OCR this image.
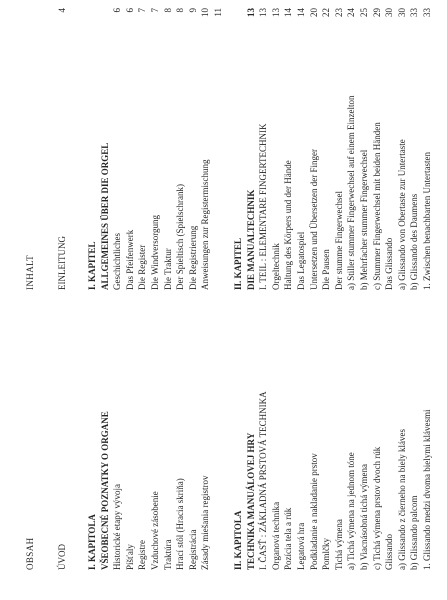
OBSAH
INHALT
ÚVOD
EINLEITUNG
4
I. KAPITOLA
I. KAPITEL
VŠEOBECNÉ POZNATKY O ORGANE
ALLGEMEINES ÜBER DIE ORGEL
Historické etapy vývoja
Geschichtliches
6
Píšťaly
Das Pfeifenwerk
6
Registre
Die Register
7
Vzduchové zásobenie
Die Windversorgung
7
Traktúra
Die Traktur
8
Hrací stôl (Hracia skriňa)
Der Spieltisch (Spielschrank)
8
Registrácia
Die Registrierung
9
Zásady miešania registrov
Anweisungen zur Registermischung
10 11
II. KAPITOLA
II. KAPITEL
TECHNIKA MANUÁLOVEJ HRY
DIE MANUALTECHNIK
13
I. ČASŤ : ZÁKLADNÁ PRSTOVÁ TECHNIKA
I. TEIL : ELEMENTARE FINGERTECHNIK
13
Organová technika
Orgeltechnik
13
Pozícia tela a rúk
Haltung des Körpers und der Hände
14
Legatová hra
Das Legatospiel
14
Podkladanie a nakladanie prstov
Untersetzen und Übersetzen der Finger
20
Pomlčky
Die Pausen
22
Tichá výmena
Der stumme Fingerwechsel
23
a) Tichá výmena na jednom tóne
a) Stiller stummer Fingerwechsel auf einem Einzelton
24
b) Viacnásobná tichá výmena
b) Mehrfacher stummer Fingerwechsel
25
c) Tichá výmena prstov dvoch rúk
c) Stummer Fingerwechsel mit beiden Händen
29
Glissando
Das Glissando
30
a) Glissando z čierneho na biely kláves
a) Glissando von Obertaste zur Untertaste
30
b) Glissando palcom
b) Glissando des Daumens
33
1. Glissando medzi dvoma bielymi klávesmi
1. Zwischen benachbarten Untertasten
33
